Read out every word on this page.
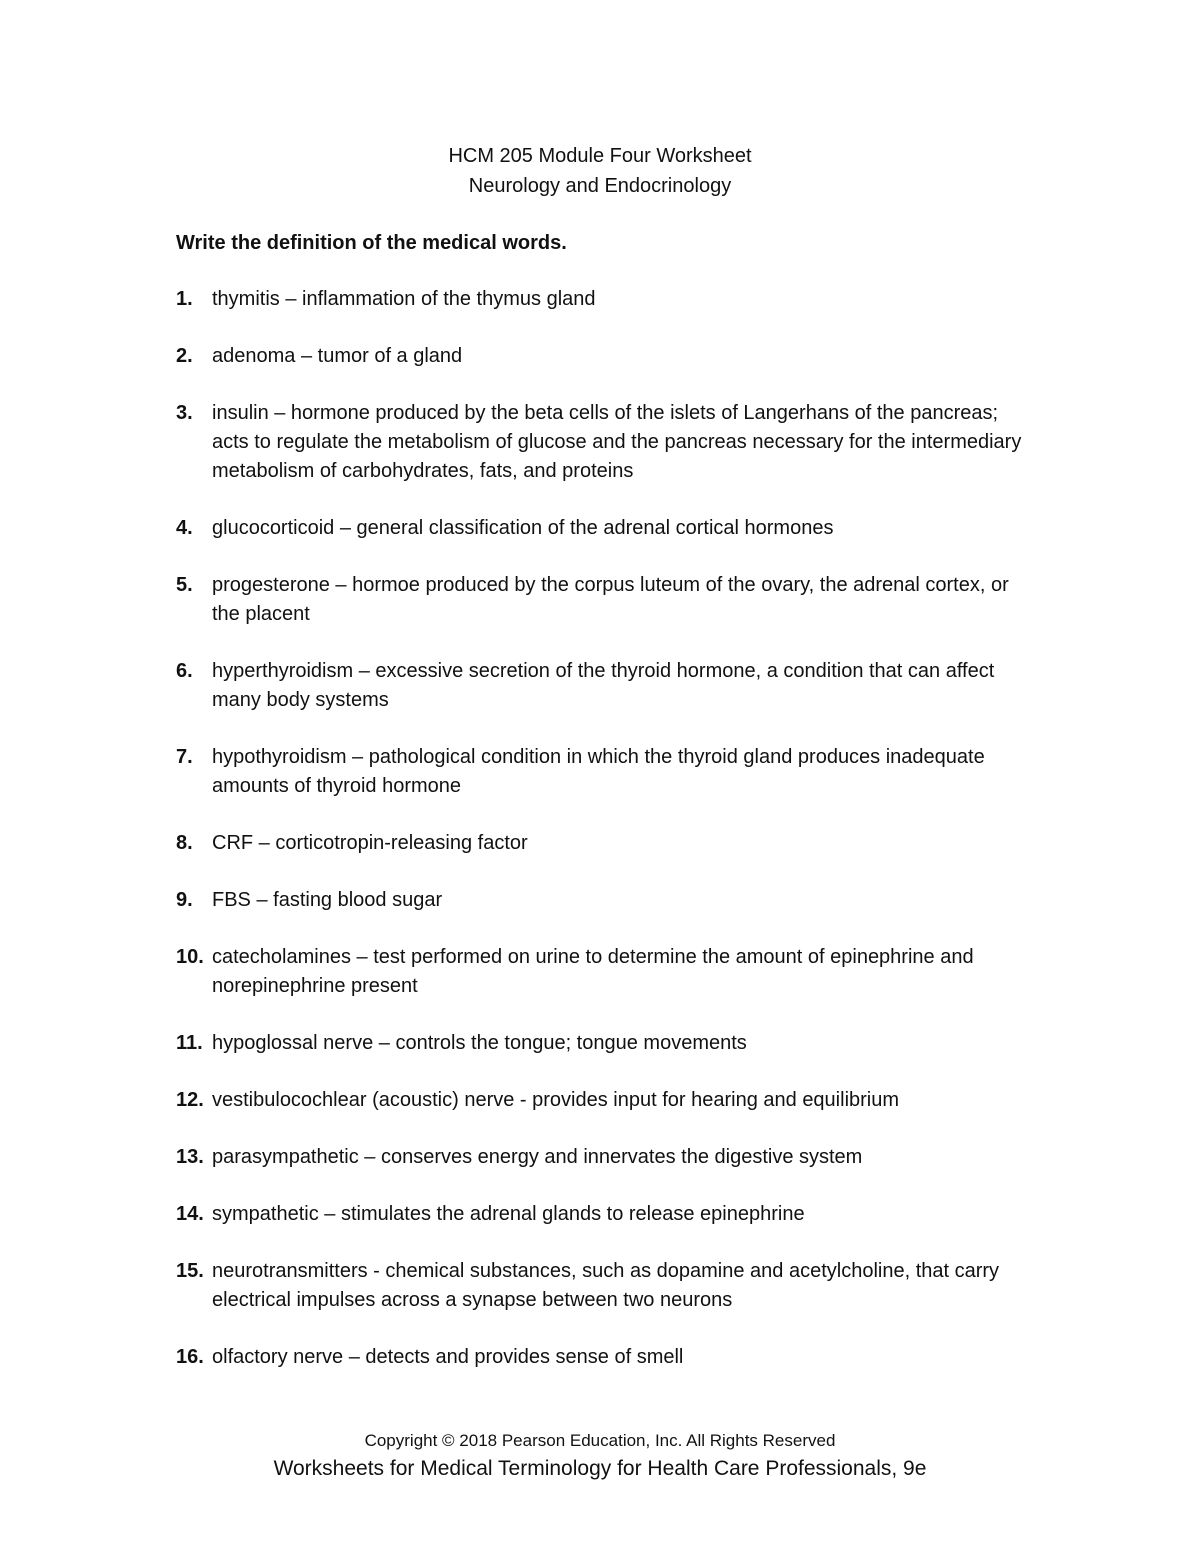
HCM 205 Module Four Worksheet
Neurology and Endocrinology
Write the definition of the medical words.
1. thymitis – inflammation of the thymus gland
2. adenoma – tumor of a gland
3. insulin – hormone produced by the beta cells of the islets of Langerhans of the pancreas; acts to regulate the metabolism of glucose and the pancreas necessary for the intermediary metabolism of carbohydrates, fats, and proteins
4. glucocorticoid – general classification of the adrenal cortical hormones
5. progesterone – hormoe produced by the corpus luteum of the ovary, the adrenal cortex, or the placent
6. hyperthyroidism – excessive secretion of the thyroid hormone, a condition that can affect many body systems
7. hypothyroidism – pathological condition in which the thyroid gland produces inadequate amounts of thyroid hormone
8. CRF – corticotropin-releasing factor
9. FBS – fasting blood sugar
10. catecholamines – test performed on urine to determine the amount of epinephrine and norepinephrine present
11. hypoglossal nerve – controls the tongue; tongue movements
12. vestibulocochlear (acoustic) nerve - provides input for hearing and equilibrium
13. parasympathetic – conserves energy and innervates the digestive system
14. sympathetic – stimulates the adrenal glands to release epinephrine
15. neurotransmitters - chemical substances, such as dopamine and acetylcholine, that carry electrical impulses across a synapse between two neurons
16. olfactory nerve – detects and provides sense of smell
Copyright © 2018 Pearson Education, Inc. All Rights Reserved
Worksheets for Medical Terminology for Health Care Professionals, 9e
